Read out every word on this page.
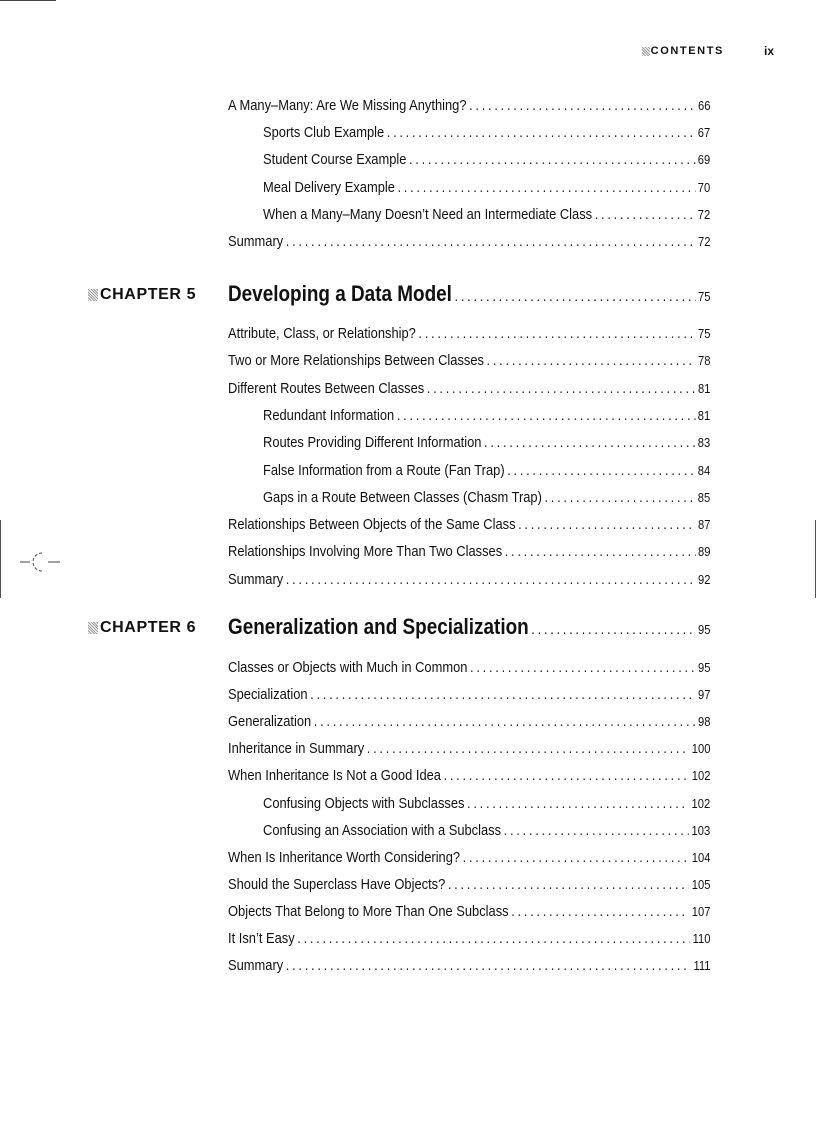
CONTENTS	ix
A Many–Many: Are We Missing Anything? . . .	66
Sports Club Example . . .	67
Student Course Example . . .	69
Meal Delivery Example . . .	70
When a Many–Many Doesn’t Need an Intermediate Class . . .	72
Summary . . .	72
CHAPTER 5 Developing a Data Model . . .	75
Attribute, Class, or Relationship? . . .	75
Two or More Relationships Between Classes . . .	78
Different Routes Between Classes . . .	81
Redundant Information . . .	81
Routes Providing Different Information . . .	83
False Information from a Route (Fan Trap) . . .	84
Gaps in a Route Between Classes (Chasm Trap) . . .	85
Relationships Between Objects of the Same Class . . .	87
Relationships Involving More Than Two Classes . . .	89
Summary . . .	92
CHAPTER 6 Generalization and Specialization . . .	95
Classes or Objects with Much in Common . . .	95
Specialization . . .	97
Generalization . . .	98
Inheritance in Summary . . .	100
When Inheritance Is Not a Good Idea . . .	102
Confusing Objects with Subclasses . . .	102
Confusing an Association with a Subclass . . .	103
When Is Inheritance Worth Considering? . . .	104
Should the Superclass Have Objects? . . .	105
Objects That Belong to More Than One Subclass . . .	107
It Isn’t Easy . . .	110
Summary . . .	111
